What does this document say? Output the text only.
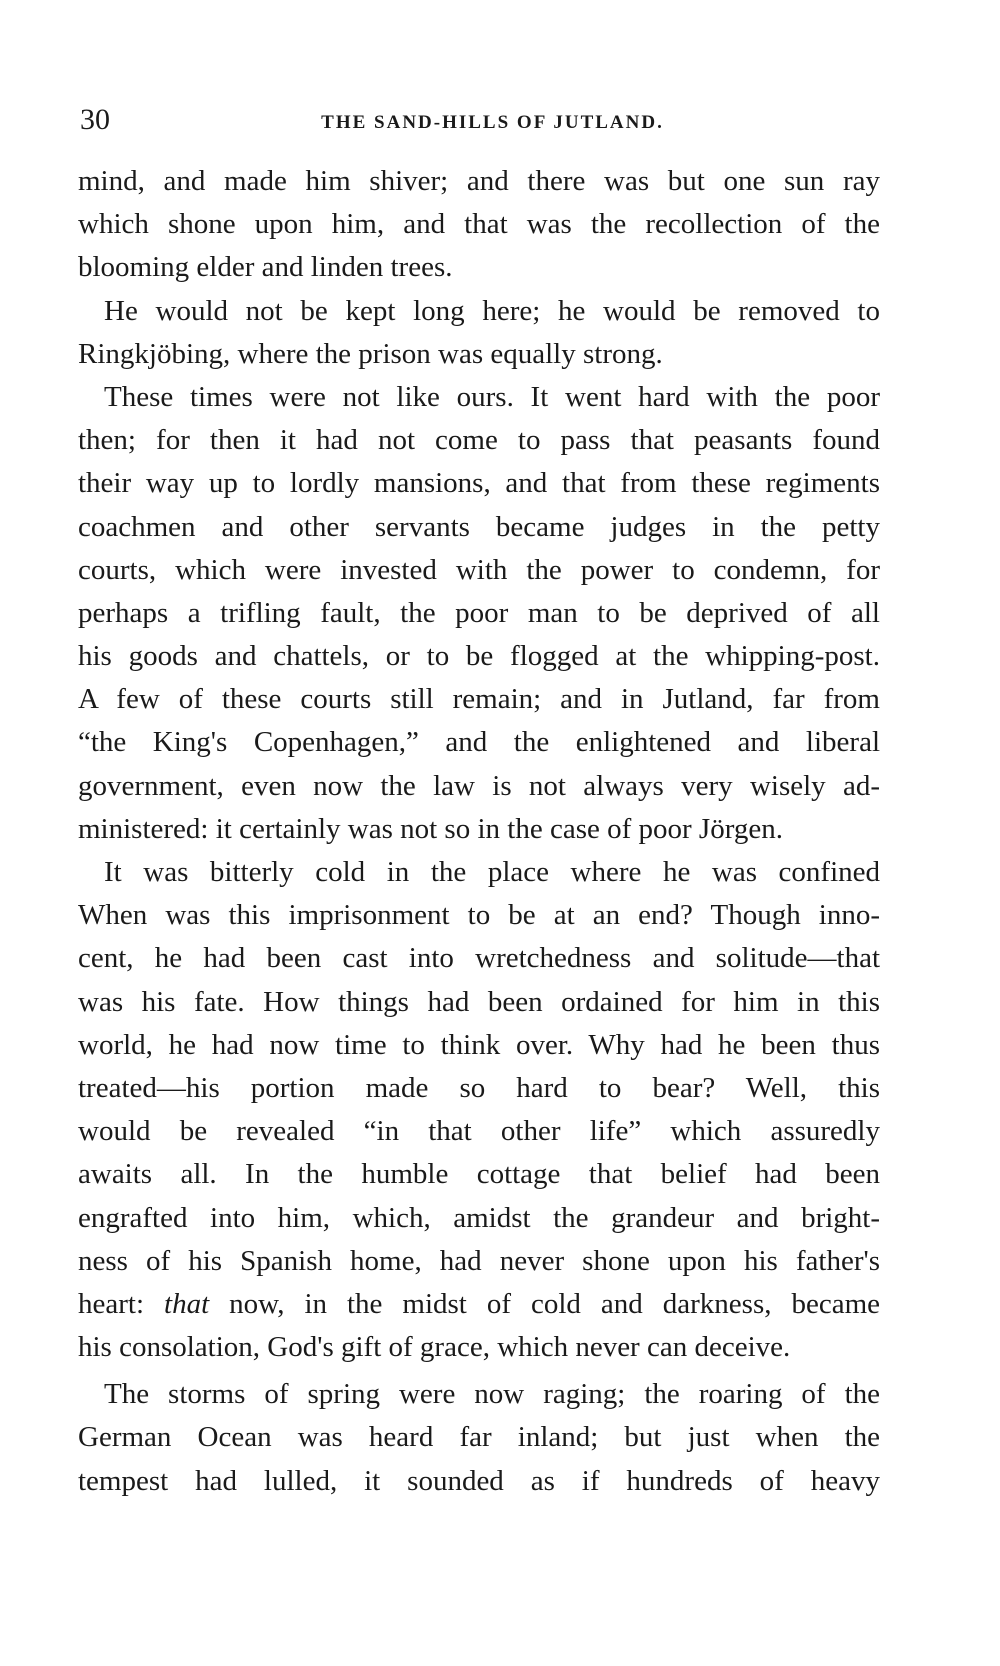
30	THE SAND-HILLS OF JUTLAND.
mind, and made him shiver; and there was but one sun ray
which shone upon him, and that was the recollection of the
blooming elder and linden trees.
He would not be kept long here; he would be removed to
Ringkjöbing, where the prison was equally strong.
These times were not like ours. It went hard with the poor
then; for then it had not come to pass that peasants found
their way up to lordly mansions, and that from these regiments
coachmen and other servants became judges in the petty
courts, which were invested with the power to condemn, for
perhaps a trifling fault, the poor man to be deprived of all
his goods and chattels, or to be flogged at the whipping-post.
A few of these courts still remain; and in Jutland, far from
“the King's Copenhagen,” and the enlightened and liberal
government, even now the law is not always very wisely ad-
ministered: it certainly was not so in the case of poor Jörgen.
It was bitterly cold in the place where he was confined
When was this imprisonment to be at an end? Though inno-
cent, he had been cast into wretchedness and solitude—that
was his fate. How things had been ordained for him in this
world, he had now time to think over. Why had he been thus
treated—his portion made so hard to bear? Well, this
would be revealed “in that other life” which assuredly
awaits all. In the humble cottage that belief had been
engrafted into him, which, amidst the grandeur and bright-
ness of his Spanish home, had never shone upon his father's
heart: that now, in the midst of cold and darkness, became
his consolation, God's gift of grace, which never can deceive.
The storms of spring were now raging; the roaring of the
German Ocean was heard far inland; but just when the
tempest had lulled, it sounded as if hundreds of heavy
